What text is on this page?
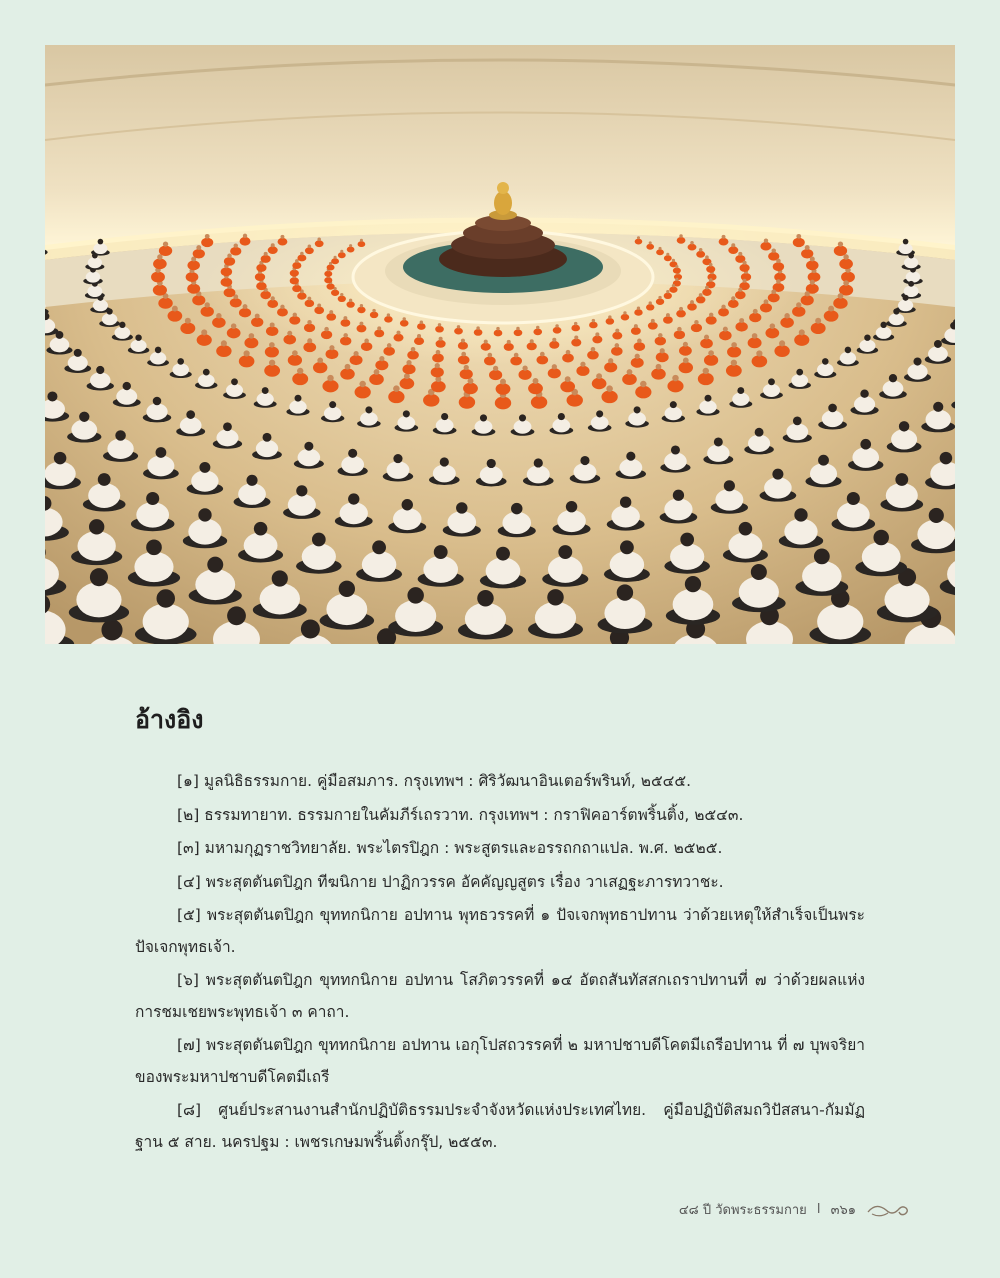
อ้างอิง

[๑] มูลนิธิธรรมกาย. คู่มือสมภาร. กรุงเทพฯ : ศิริวัฒนาอินเตอร์พรินท์, ๒๕๔๕.

[๒] ธรรมทายาท. ธรรมกายในคัมภีร์เถรวาท. กรุงเทพฯ : กราฟิคอาร์ตพริ้นติ้ง, ๒๕๔๓.

[๓] มหามกุฏราชวิทยาลัย. พระไตรปิฎก : พระสูตรและอรรถกถาแปล. พ.ศ. ๒๕๒๕.

[๔] พระสุตตันตปิฎก ทีฆนิกาย ปาฏิกวรรค อัคคัญญสูตร เรื่อง วาเสฏฐะภารทวาชะ.

[๕] พระสุตตันตปิฎก ขุททกนิกาย อปทาน พุทธวรรคที่ ๑ ปัจเจกพุทธาปทาน ว่าด้วยเหตุให้สำเร็จเป็นพระปัจเจกพุทธเจ้า.

[๖] พระสุตตันตปิฎก ขุททกนิกาย อปทาน โสภิตวรรคที่ ๑๔ อัตถสันทัสสกเถราปทานที่ ๗ ว่าด้วยผลแห่งการชมเชยพระพุทธเจ้า ๓ คาถา.

[๗] พระสุตตันตปิฎก ขุททกนิกาย อปทาน เอกุโปสถวรรคที่ ๒ มหาปชาบดีโคตมีเถรีอปทาน ที่ ๗ บุพจริยาของพระมหาปชาบดีโคตมีเถรี

[๘] ศูนย์ประสานงานสำนักปฏิบัติธรรมประจำจังหวัดแห่งประเทศไทย. คู่มือปฏิบัติสมถวิปัสสนา-กัมมัฏฐาน ๕ สาย. นครปฐม : เพชรเกษมพริ้นติ้งกรุ๊ป, ๒๕๕๓.

๔๘ ปี วัดพระธรรมกาย I ๓๖๑
